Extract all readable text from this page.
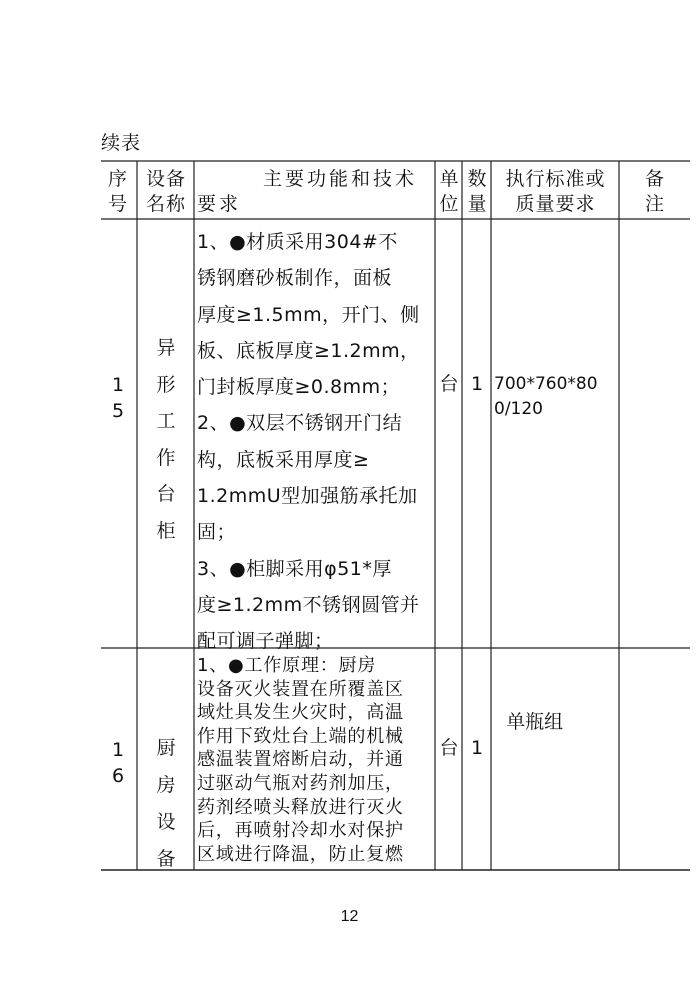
续表
序
号
设备
名称
主要功能和技术要求
单
位
数
量
执行标准或
质量要求
备
注
1
5
异
形
工
作
台
柜
1、●材质采用304#不
锈钢磨砂板制作，面板
厚度≥1.5mm，开门、侧
板、底板厚度≥1.2mm，
门封板厚度≥0.8mm；
2、●双层不锈钢开门结
构，底板采用厚度≥
1.2mmU型加强筋承托加
固；
3、●柜脚采用φ51*厚
度≥1.2mm不锈钢圆管并
配可调子弹脚；
台 1 700*760*80
0/120
1
6
厨
房
设
备
1、●工作原理：厨房
设备灭火装置在所覆盖区
域灶具发生火灾时，高温
作用下致灶台上端的机械
感温装置熔断启动，并通
过驱动气瓶对药剂加压，
药剂经喷头释放进行灭火
后，再喷射冷却水对保护
区域进行降温，防止复燃
台 1
单瓶组
12
